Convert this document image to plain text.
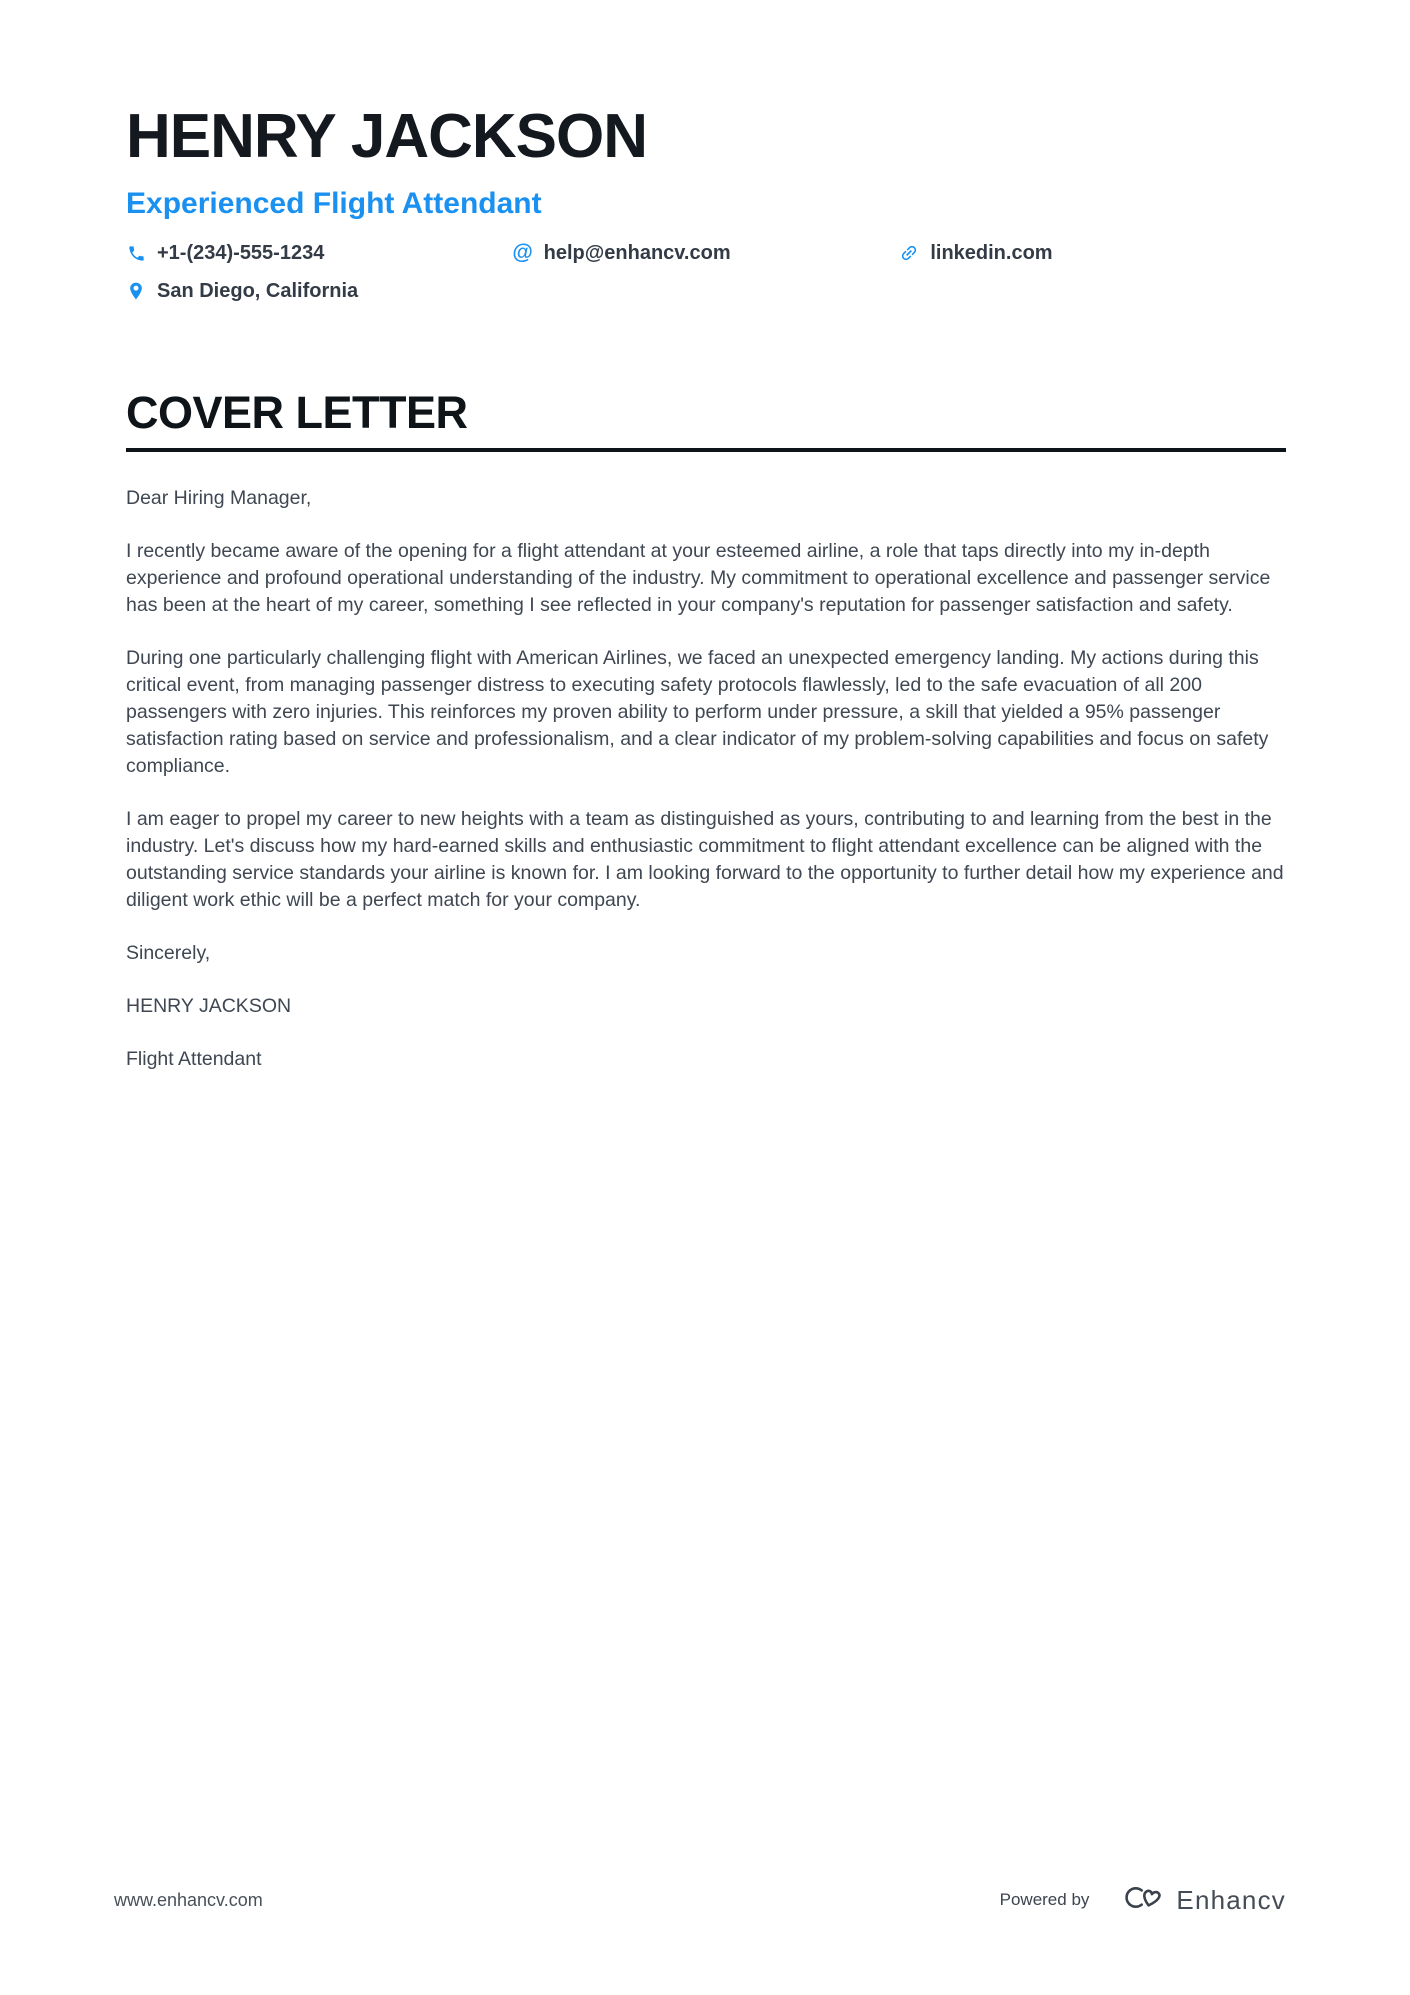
HENRY JACKSON
Experienced Flight Attendant
+1-(234)-555-1234	@ help@enhancv.com	linkedin.com
San Diego, California
COVER LETTER

Dear Hiring Manager,

I recently became aware of the opening for a flight attendant at your esteemed airline, a role that taps directly into my in-depth experience and profound operational understanding of the industry. My commitment to operational excellence and passenger service has been at the heart of my career, something I see reflected in your company's reputation for passenger satisfaction and safety.

During one particularly challenging flight with American Airlines, we faced an unexpected emergency landing. My actions during this critical event, from managing passenger distress to executing safety protocols flawlessly, led to the safe evacuation of all 200 passengers with zero injuries. This reinforces my proven ability to perform under pressure, a skill that yielded a 95% passenger satisfaction rating based on service and professionalism, and a clear indicator of my problem-solving capabilities and focus on safety compliance.

I am eager to propel my career to new heights with a team as distinguished as yours, contributing to and learning from the best in the industry. Let's discuss how my hard-earned skills and enthusiastic commitment to flight attendant excellence can be aligned with the outstanding service standards your airline is known for. I am looking forward to the opportunity to further detail how my experience and diligent work ethic will be a perfect match for your company.

Sincerely,

HENRY JACKSON

Flight Attendant

www.enhancv.com	Powered by	Enhancv
